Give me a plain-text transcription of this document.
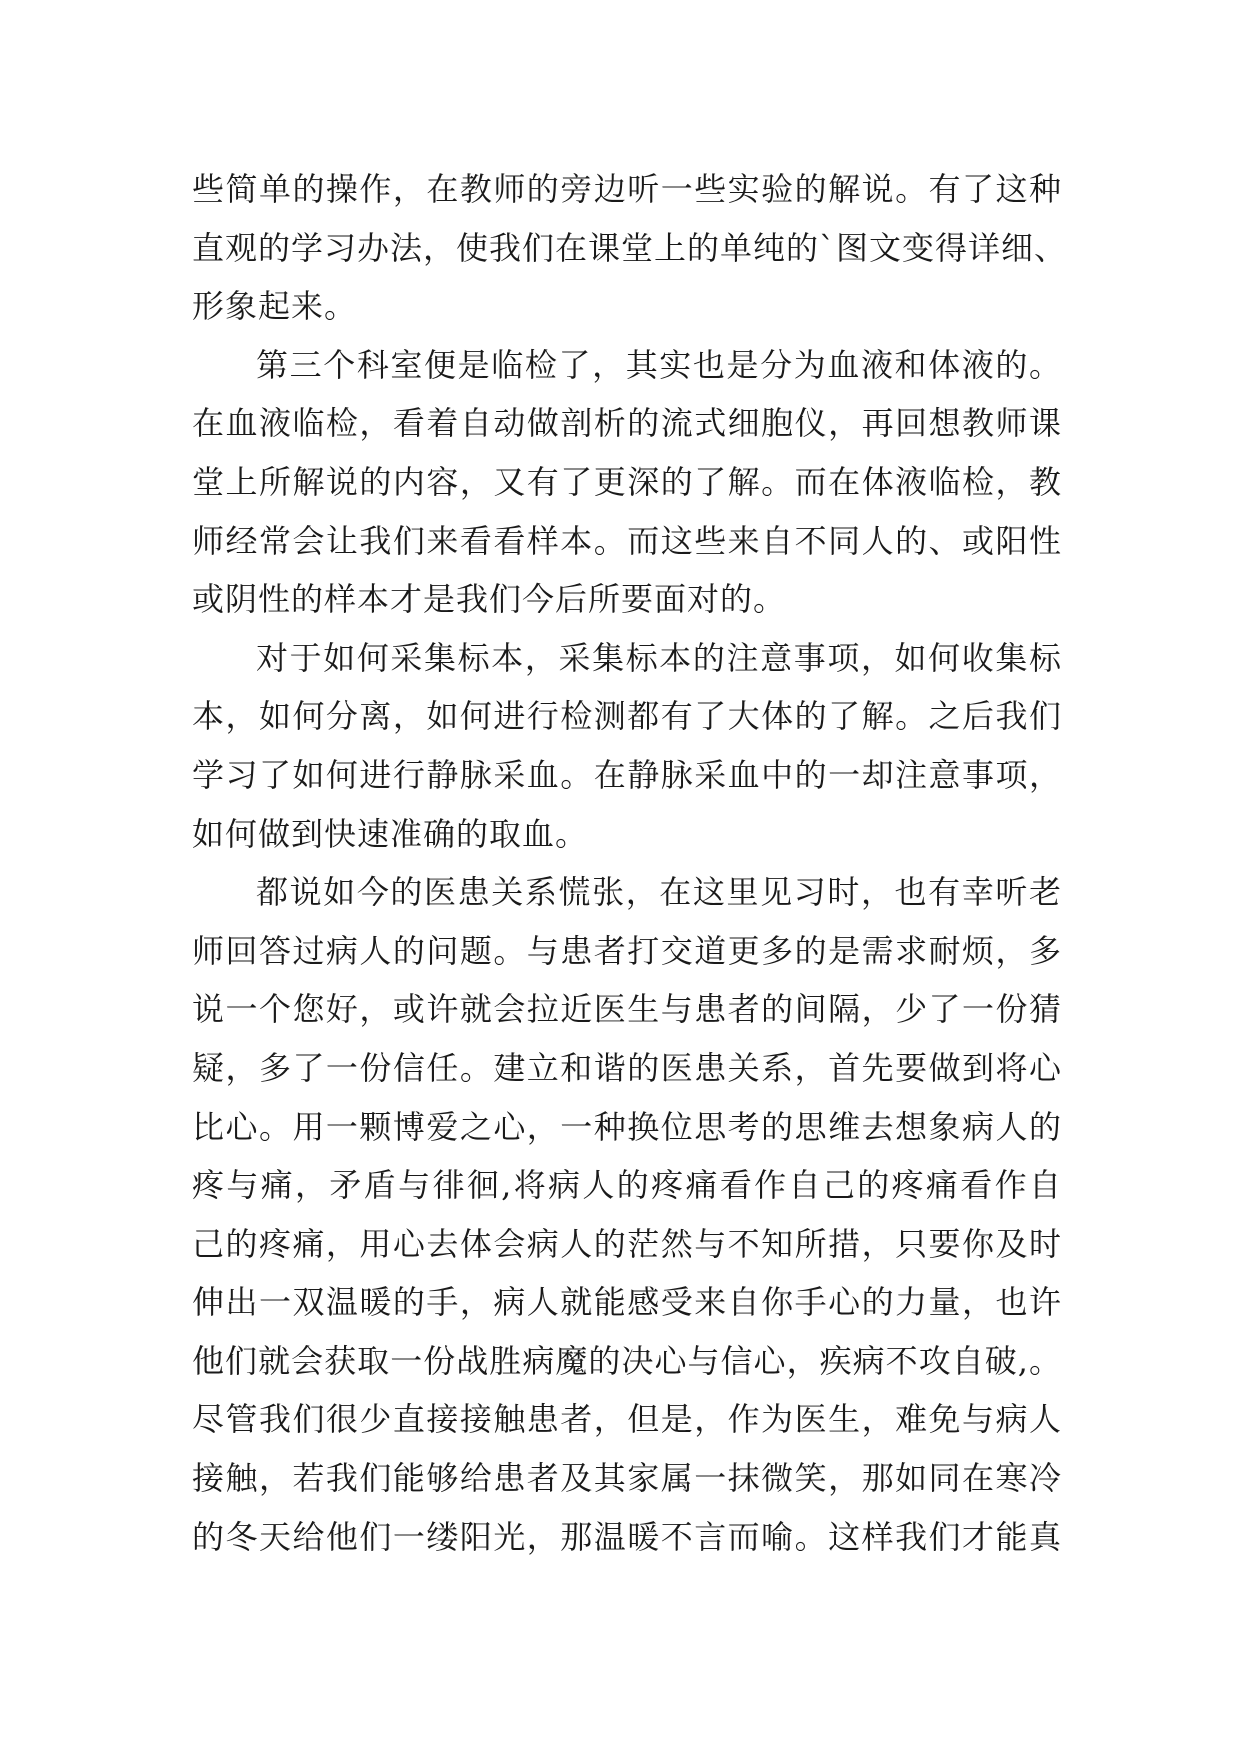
些简单的操作，在教师的旁边听一些实验的解说。有了这种
直观的学习办法，使我们在课堂上的单纯的`图文变得详细、
形象起来。
第三个科室便是临检了，其实也是分为血液和体液的。
在血液临检，看着自动做剖析的流式细胞仪，再回想教师课
堂上所解说的内容，又有了更深的了解。而在体液临检，教
师经常会让我们来看看样本。而这些来自不同人的、或阳性
或阴性的样本才是我们今后所要面对的。
对于如何采集标本，采集标本的注意事项，如何收集标
本，如何分离，如何进行检测都有了大体的了解。之后我们
学习了如何进行静脉采血。在静脉采血中的一却注意事项，
如何做到快速准确的取血。
都说如今的医患关系慌张，在这里见习时，也有幸听老
师回答过病人的问题。与患者打交道更多的是需求耐烦，多
说一个您好，或许就会拉近医生与患者的间隔，少了一份猜
疑，多了一份信任。建立和谐的医患关系，首先要做到将心
比心。用一颗博爱之心，一种换位思考的思维去想象病人的
疼与痛，矛盾与徘徊,将病人的疼痛看作自己的疼痛看作自
己的疼痛，用心去体会病人的茫然与不知所措，只要你及时
伸出一双温暖的手，病人就能感受来自你手心的力量，也许
他们就会获取一份战胜病魔的决心与信心，疾病不攻自破,。
尽管我们很少直接接触患者，但是，作为医生，难免与病人
接触，若我们能够给患者及其家属一抹微笑，那如同在寒冷
的冬天给他们一缕阳光，那温暖不言而喻。这样我们才能真
